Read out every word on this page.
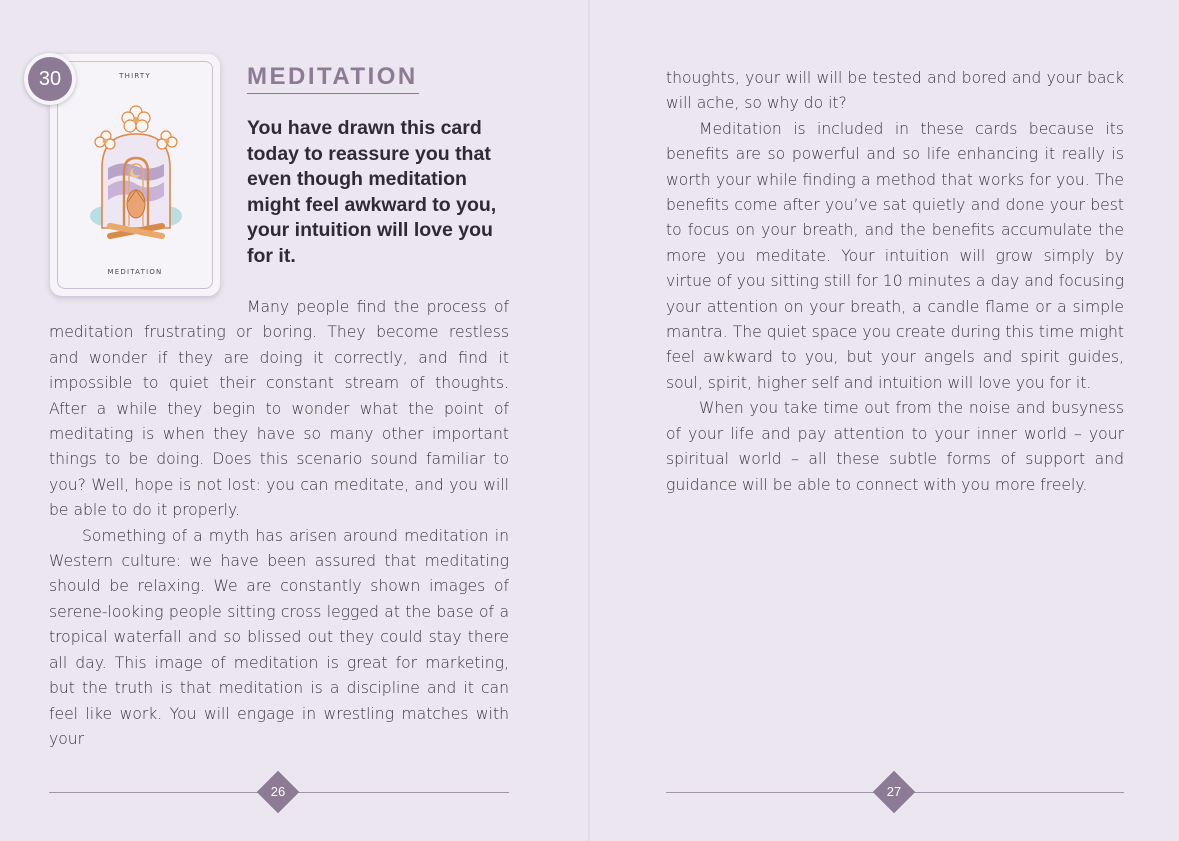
THIRTY
MEDITATION
30	MEDITATION

You have drawn this card today to reassure you that even though meditation might feel awkward to you, your intuition will love you for it.

Many people find the process of meditation frustrating or boring. They become restless and wonder if they are doing it correctly, and find it impossible to quiet their constant stream of thoughts. After a while they begin to wonder what the point of meditating is when they have so many other important things to be doing. Does this scenario sound familiar to you? Well, hope is not lost: you can meditate, and you will be able to do it properly.

Something of a myth has arisen around meditation in Western culture: we have been assured that meditating should be relaxing. We are constantly shown images of serene-looking people sitting cross legged at the base of a tropical waterfall and so blissed out they could stay there all day. This image of meditation is great for marketing, but the truth is that meditation is a discipline and it can feel like work. You will engage in wrestling matches with your

thoughts, your will will be tested and bored and your back will ache, so why do it?

Meditation is included in these cards because its benefits are so powerful and so life enhancing it really is worth your while finding a method that works for you. The benefits come after you’ve sat quietly and done your best to focus on your breath, and the benefits accumulate the more you meditate. Your intuition will grow simply by virtue of you sitting still for 10 minutes a day and focusing your attention on your breath, a candle flame or a simple mantra. The quiet space you create during this time might feel awkward to you, but your angels and spirit guides, soul, spirit, higher self and intuition will love you for it.

When you take time out from the noise and busyness of your life and pay attention to your inner world – your spiritual world – all these subtle forms of support and guidance will be able to connect with you more freely.

26	27
